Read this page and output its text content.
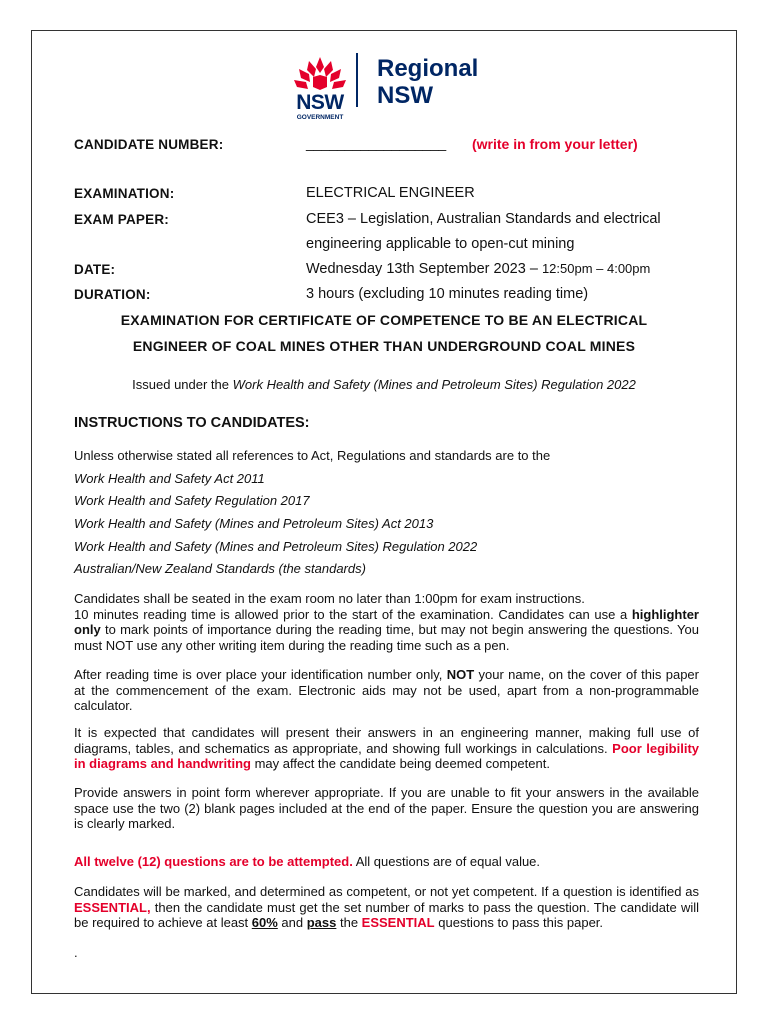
NSW
GOVERNMENT
Regional
NSW
CANDIDATE NUMBER:	__________________ (write in from your letter)
EXAMINATION:	ELECTRICAL ENGINEER
EXAM PAPER:	CEE3 – Legislation, Australian Standards and electrical
engineering applicable to open-cut mining
DATE:	Wednesday 13th September 2023 – 12:50pm – 4:00pm
DURATION:	3 hours (excluding 10 minutes reading time)
EXAMINATION FOR CERTIFICATE OF COMPETENCE TO BE AN ELECTRICAL
ENGINEER OF COAL MINES OTHER THAN UNDERGROUND COAL MINES
Issued under the Work Health and Safety (Mines and Petroleum Sites) Regulation 2022
INSTRUCTIONS TO CANDIDATES:
Unless otherwise stated all references to Act, Regulations and standards are to the
Work Health and Safety Act 2011
Work Health and Safety Regulation 2017
Work Health and Safety (Mines and Petroleum Sites) Act 2013
Work Health and Safety (Mines and Petroleum Sites) Regulation 2022
Australian/New Zealand Standards (the standards)
Candidates shall be seated in the exam room no later than 1:00pm for exam instructions.
10 minutes reading time is allowed prior to the start of the examination. Candidates can use a highlighter only to mark points of importance during the reading time, but may not begin answering the questions. You must NOT use any other writing item during the reading time such as a pen.
After reading time is over place your identification number only, NOT your name, on the cover of this paper at the commencement of the exam. Electronic aids may not be used, apart from a non-programmable calculator.
It is expected that candidates will present their answers in an engineering manner, making full use of diagrams, tables, and schematics as appropriate, and showing full workings in calculations. Poor legibility in diagrams and handwriting may affect the candidate being deemed competent.
Provide answers in point form wherever appropriate. If you are unable to fit your answers in the available space use the two (2) blank pages included at the end of the paper. Ensure the question you are answering is clearly marked.
All twelve (12) questions are to be attempted. All questions are of equal value.
Candidates will be marked, and determined as competent, or not yet competent. If a question is identified as ESSENTIAL, then the candidate must get the set number of marks to pass the question. The candidate will be required to achieve at least 60% and pass the ESSENTIAL questions to pass this paper.
.
